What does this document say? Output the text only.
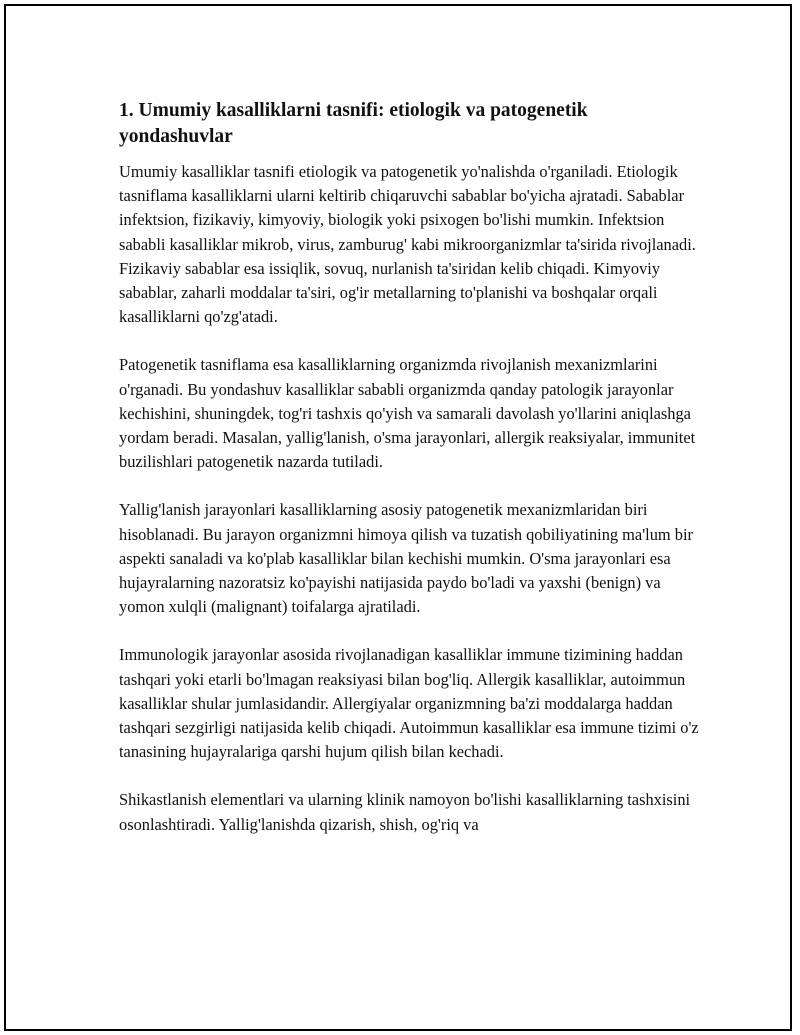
1. Umumiy kasalliklarni tasnifi: etiologik va patogenetik yondashuvlar

Umumiy kasalliklar tasnifi etiologik va patogenetik yo'nalishda o'rganiladi. Etiologik tasniflama kasalliklarni ularni keltirib chiqaruvchi sabablar bo'yicha ajratadi. Sabablar infektsion, fizikaviy, kimyoviy, biologik yoki psixogen bo'lishi mumkin. Infektsion sababli kasalliklar mikrob, virus, zamburug' kabi mikroorganizmlar ta'sirida rivojlanadi. Fizikaviy sabablar esa issiqlik, sovuq, nurlanish ta'siridan kelib chiqadi. Kimyoviy sabablar, zaharli moddalar ta'siri, og'ir metallarning to'planishi va boshqalar orqali kasalliklarni qo'zg'atadi.

Patogenetik tasniflama esa kasalliklarning organizmda rivojlanish mexanizmlarini o'rganadi. Bu yondashuv kasalliklar sababli organizmda qanday patologik jarayonlar kechishini, shuningdek, tog'ri tashxis qo'yish va samarali davolash yo'llarini aniqlashga yordam beradi. Masalan, yallig'lanish, o'sma jarayonlari, allergik reaksiyalar, immunitet buzilishlari patogenetik nazarda tutiladi.

Yallig'lanish jarayonlari kasalliklarning asosiy patogenetik mexanizmlaridan biri hisoblanadi. Bu jarayon organizmni himoya qilish va tuzatish qobiliyatining ma'lum bir aspekti sanaladi va ko'plab kasalliklar bilan kechishi mumkin. O'sma jarayonlari esa hujayralarning nazoratsiz ko'payishi natijasida paydo bo'ladi va yaxshi (benign) va yomon xulqli (malignant) toifalarga ajratiladi.

Immunologik jarayonlar asosida rivojlanadigan kasalliklar immune tizimining haddan tashqari yoki etarli bo'lmagan reaksiyasi bilan bog'liq. Allergik kasalliklar, autoimmun kasalliklar shular jumlasidandir. Allergiyalar organizmning ba'zi moddalarga haddan tashqari sezgirligi natijasida kelib chiqadi. Autoimmun kasalliklar esa immune tizimi o'z tanasining hujayralariga qarshi hujum qilish bilan kechadi.

Shikastlanish elementlari va ularning klinik namoyon bo'lishi kasalliklarning tashxisini osonlashtiradi. Yallig'lanishda qizarish, shish, og'riq va
